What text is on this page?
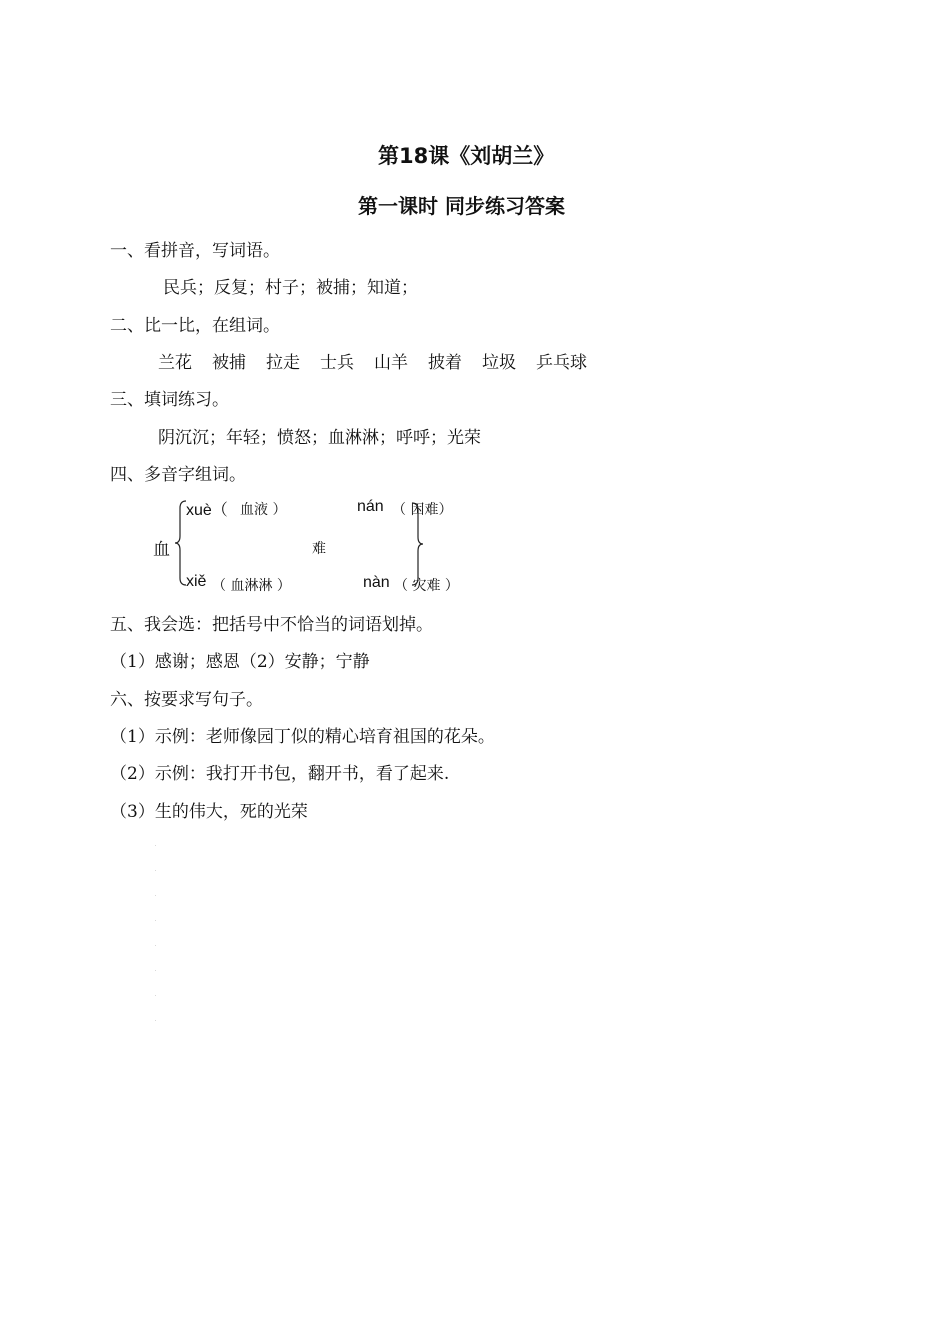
第18课《刘胡兰》
第一课时 同步练习答案
一、看拼音，写词语。
民兵；反复；村子；被捕；知道；
二、比一比，在组词。
兰花 被捕 拉走 士兵 山羊 披着 垃圾 乒乓球
三、填词练习。
阴沉沉；年轻；愤怒；血淋淋；呼呼；光荣
四、多音字组词。
血
xuè（ 血液 ）
xiě （ 血淋淋 ）
难
nán （ 困难）
nàn （ 灾难 ）
五、我会选：把括号中不恰当的词语划掉。
（1）感谢；感恩（2）安静；宁静
六、按要求写句子。
（1）示例：老师像园丁似的精心培育祖国的花朵。
（2）示例：我打开书包，翻开书，看了起来.
（3）生的伟大，死的光荣
